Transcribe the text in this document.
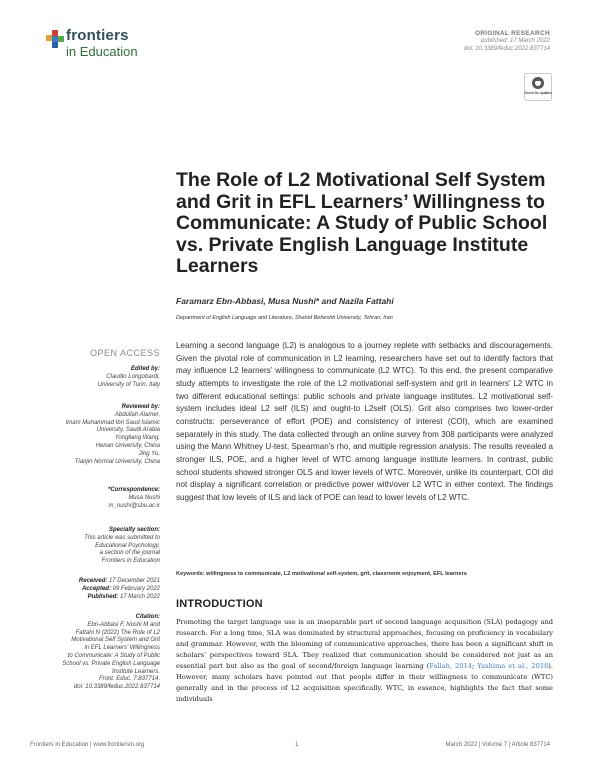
frontiers
in Education
ORIGINAL RESEARCH
published: 17 March 2022
doi: 10.3389/feduc.2022.837714
Check for updates
The Role of L2 Motivational Self System and Grit in EFL Learners’ Willingness to Communicate: A Study of Public School vs. Private English Language Institute Learners
Faramarz Ebn-Abbasi, Musa Nushi* and Nazila Fattahi
Department of English Language and Literature, Shahid Beheshti University, Tehran, Iran
OPEN ACCESS
Edited by:
Claudio Longobardi,
University of Turin, Italy
Reviewed by:
Abdullah Alamer,
Imam Muhammad Ibn Saud Islamic
University, Saudi Arabia
Yongliang Wang,
Henan University, China
Jing Yu,
Tianjin Normal University, China
*Correspondence:
Musa Nushi
m_nushi@sbu.ac.ir
Specialty section:
This article was submitted to
Educational Psychology,
a section of the journal
Frontiers in Education
Received: 17 December 2021
Accepted: 09 February 2022
Published: 17 March 2022
Citation:
Ebn-Abbasi F, Nushi M and
Fattahi N (2022) The Role of L2
Motivational Self System and Grit
in EFL Learners’ Willingness
to Communicate: A Study of Public
School vs. Private English Language
Institute Learners.
Front. Educ. 7:837714.
doi: 10.3389/feduc.2022.837714
Learning a second language (L2) is analogous to a journey replete with setbacks and discouragements. Given the pivotal role of communication in L2 learning, researchers have set out to identify factors that may influence L2 learners’ willingness to communicate (L2 WTC). To this end, the present comparative study attempts to investigate the role of the L2 motivational self-system and grit in learners’ L2 WTC in two different educational settings: public schools and private language institutes. L2 motivational self-system includes ideal L2 self (ILS) and ought-to L2self (OLS). Grit also comprises two lower-order constructs: perseverance of effort (POE) and consistency of interest (COI), which are examined separately in this study. The data collected through an online survey from 308 participants were analyzed using the Mann Whitney U-test, Spearman’s rho, and multiple regression analysis. The results revealed a stronger ILS, POE, and a higher level of WTC among language institute learners. In contrast, public school students showed stronger OLS and lower levels of WTC. Moreover, unlike its counterpart, COI did not display a significant correlation or predictive power with/over L2 WTC in either context. The findings suggest that low levels of ILS and lack of POE can lead to lower levels of L2 WTC.
Keywords: willingness to communicate, L2 motivational self-system, grit, classroom enjoyment, EFL learners
INTRODUCTION
Promoting the target language use is an inseparable part of second language acquisition (SLA) pedagogy and research. For a long time, SLA was dominated by structural approaches, focusing on proficiency in vocabulary and grammar. However, with the blooming of communicative approaches, there has been a significant shift in scholars’ perspectives toward SLA. They realized that communication should be considered not just as an essential part but also as the goal of second/foreign language learning (Fallah, 2014; Yashima et al., 2018). However, many scholars have pointed out that people differ in their willingness to communicate (WTC) generally and in the process of L2 acquisition specifically. WTC, in essence, highlights the fact that some individuals
Frontiers in Education | www.frontiersin.org	1	March 2022 | Volume 7 | Article 837714
